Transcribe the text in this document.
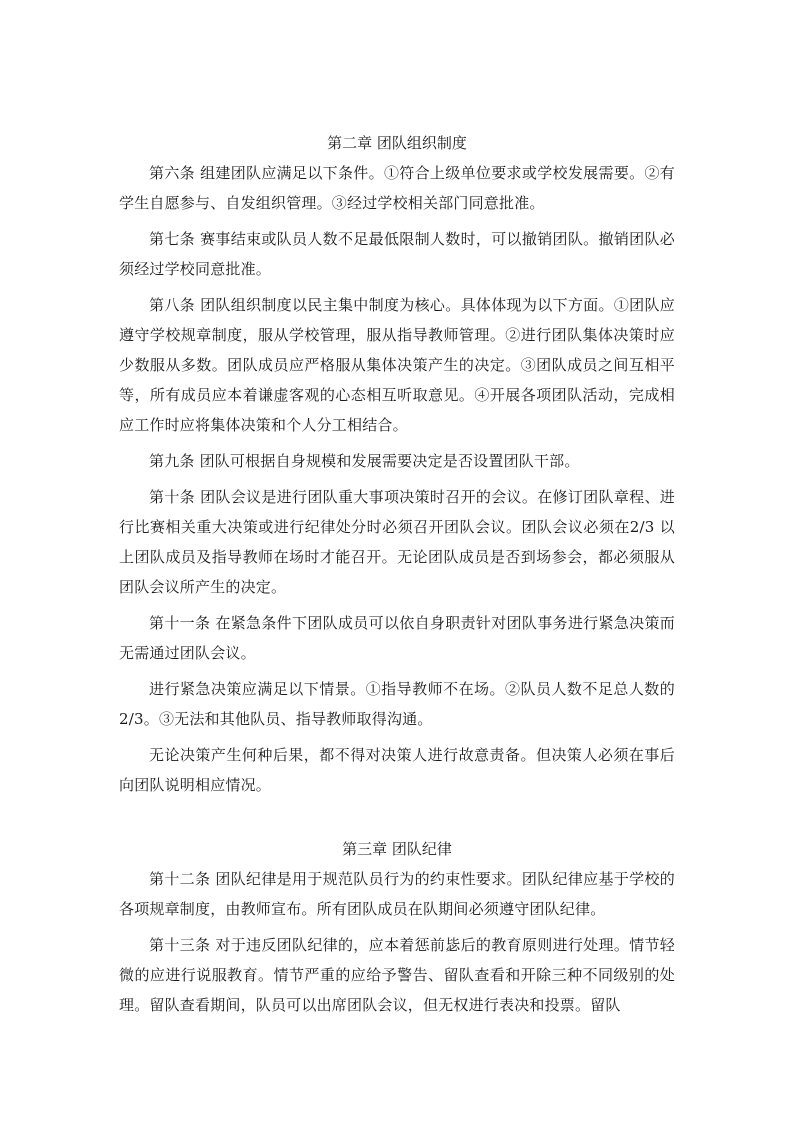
第二章 团队组织制度

第六条 组建团队应满足以下条件。①符合上级单位要求或学校发展需要。②有学生自愿参与、自发组织管理。③经过学校相关部门同意批准。

第七条 赛事结束或队员人数不足最低限制人数时，可以撤销团队。撤销团队必须经过学校同意批准。

第八条 团队组织制度以民主集中制度为核心。具体体现为以下方面。①团队应遵守学校规章制度，服从学校管理，服从指导教师管理。②进行团队集体决策时应少数服从多数。团队成员应严格服从集体决策产生的决定。③团队成员之间互相平等，所有成员应本着谦虚客观的心态相互听取意见。④开展各项团队活动，完成相应工作时应将集体决策和个人分工相结合。

第九条 团队可根据自身规模和发展需要决定是否设置团队干部。

第十条 团队会议是进行团队重大事项决策时召开的会议。在修订团队章程、进行比赛相关重大决策或进行纪律处分时必须召开团队会议。团队会议必须在2/3 以上团队成员及指导教师在场时才能召开。无论团队成员是否到场参会，都必须服从团队会议所产生的决定。

第十一条 在紧急条件下团队成员可以依自身职责针对团队事务进行紧急决策而无需通过团队会议。

进行紧急决策应满足以下情景。①指导教师不在场。②队员人数不足总人数的 2/3。③无法和其他队员、指导教师取得沟通。

无论决策产生何种后果，都不得对决策人进行故意责备。但决策人必须在事后向团队说明相应情况。

第三章 团队纪律

第十二条 团队纪律是用于规范队员行为的约束性要求。团队纪律应基于学校的各项规章制度，由教师宣布。所有团队成员在队期间必须遵守团队纪律。

第十三条 对于违反团队纪律的，应本着惩前毖后的教育原则进行处理。情节轻微的应进行说服教育。情节严重的应给予警告、留队查看和开除三种不同级别的处理。留队查看期间，队员可以出席团队会议，但无权进行表决和投票。留队
